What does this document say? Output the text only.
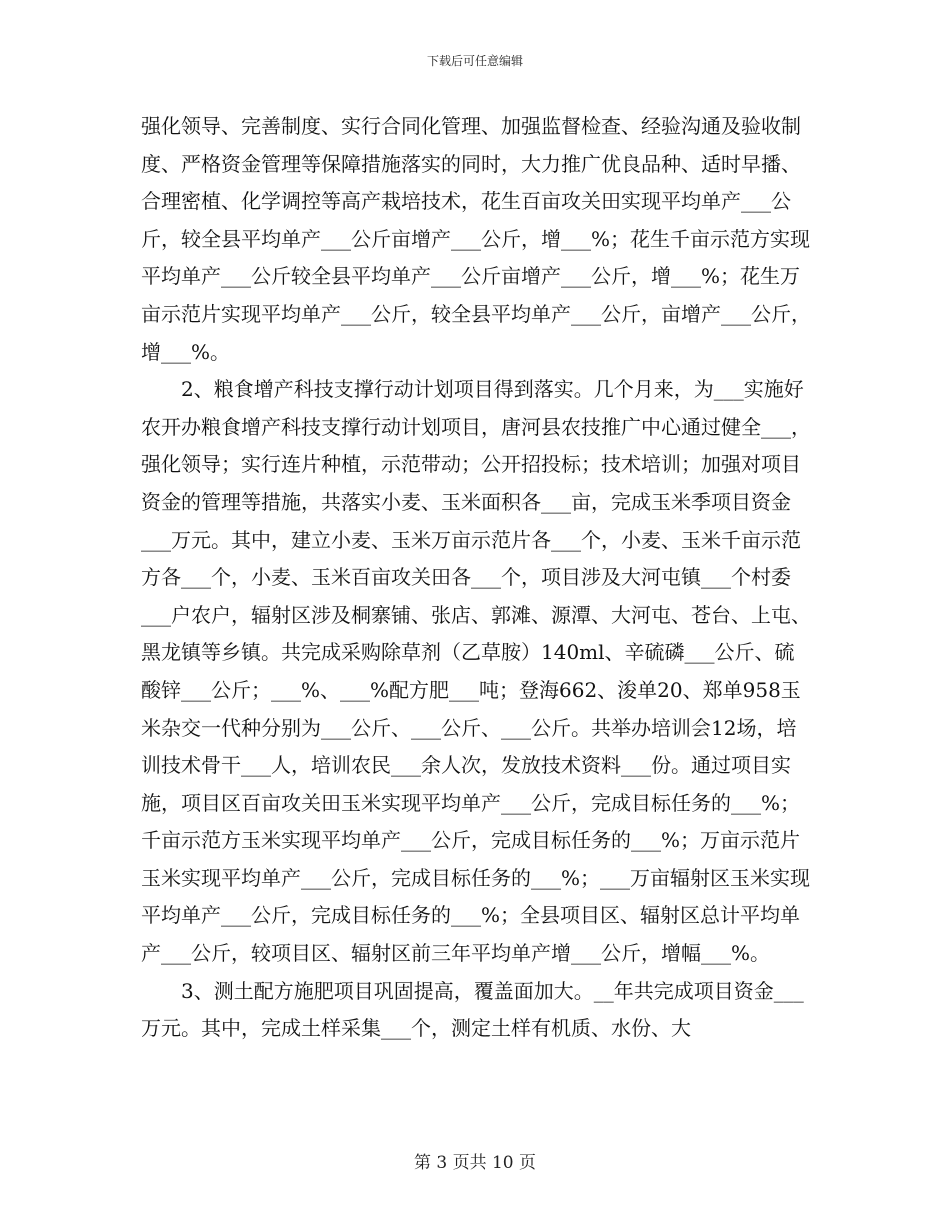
下载后可任意编辑

强化领导、完善制度、实行合同化管理、加强监督检查、经验沟通及验收制度、严格资金管理等保障措施落实的同时，大力推广优良品种、适时早播、合理密植、化学调控等高产栽培技术，花生百亩攻关田实现平均单产___公斤，较全县平均单产___公斤亩增产___公斤，增___%；花生千亩示范方实现平均单产___公斤较全县平均单产___公斤亩增产___公斤，增___%；花生万亩示范片实现平均单产___公斤，较全县平均单产___公斤，亩增产___公斤，增___%。

2、粮食增产科技支撑行动计划项目得到落实。几个月来，为___实施好农开办粮食增产科技支撑行动计划项目，唐河县农技推广中心通过健全___，强化领导；实行连片种植，示范带动；公开招投标；技术培训；加强对项目资金的管理等措施，共落实小麦、玉米面积各___亩，完成玉米季项目资金___万元。其中，建立小麦、玉米万亩示范片各___个，小麦、玉米千亩示范方各___个，小麦、玉米百亩攻关田各___个，项目涉及大河屯镇___个村委___户农户，辐射区涉及桐寨铺、张店、郭滩、源潭、大河屯、苍台、上屯、黑龙镇等乡镇。共完成采购除草剂（乙草胺）140ml、辛硫磷___公斤、硫酸锌___公斤；___%、___%配方肥___吨；登海662、浚单20、郑单958玉米杂交一代种分别为___公斤、___公斤、___公斤。共举办培训会12场，培训技术骨干___人，培训农民___余人次，发放技术资料___份。通过项目实施，项目区百亩攻关田玉米实现平均单产___公斤，完成目标任务的___%；千亩示范方玉米实现平均单产___公斤，完成目标任务的___%；万亩示范片玉米实现平均单产___公斤，完成目标任务的___%；___万亩辐射区玉米实现平均单产___公斤，完成目标任务的___%；全县项目区、辐射区总计平均单产___公斤，较项目区、辐射区前三年平均单产增___公斤，增幅___%。

3、测土配方施肥项目巩固提高，覆盖面加大。__年共完成项目资金___万元。其中，完成土样采集___个，测定土样有机质、水份、大

第 3 页共 10 页
